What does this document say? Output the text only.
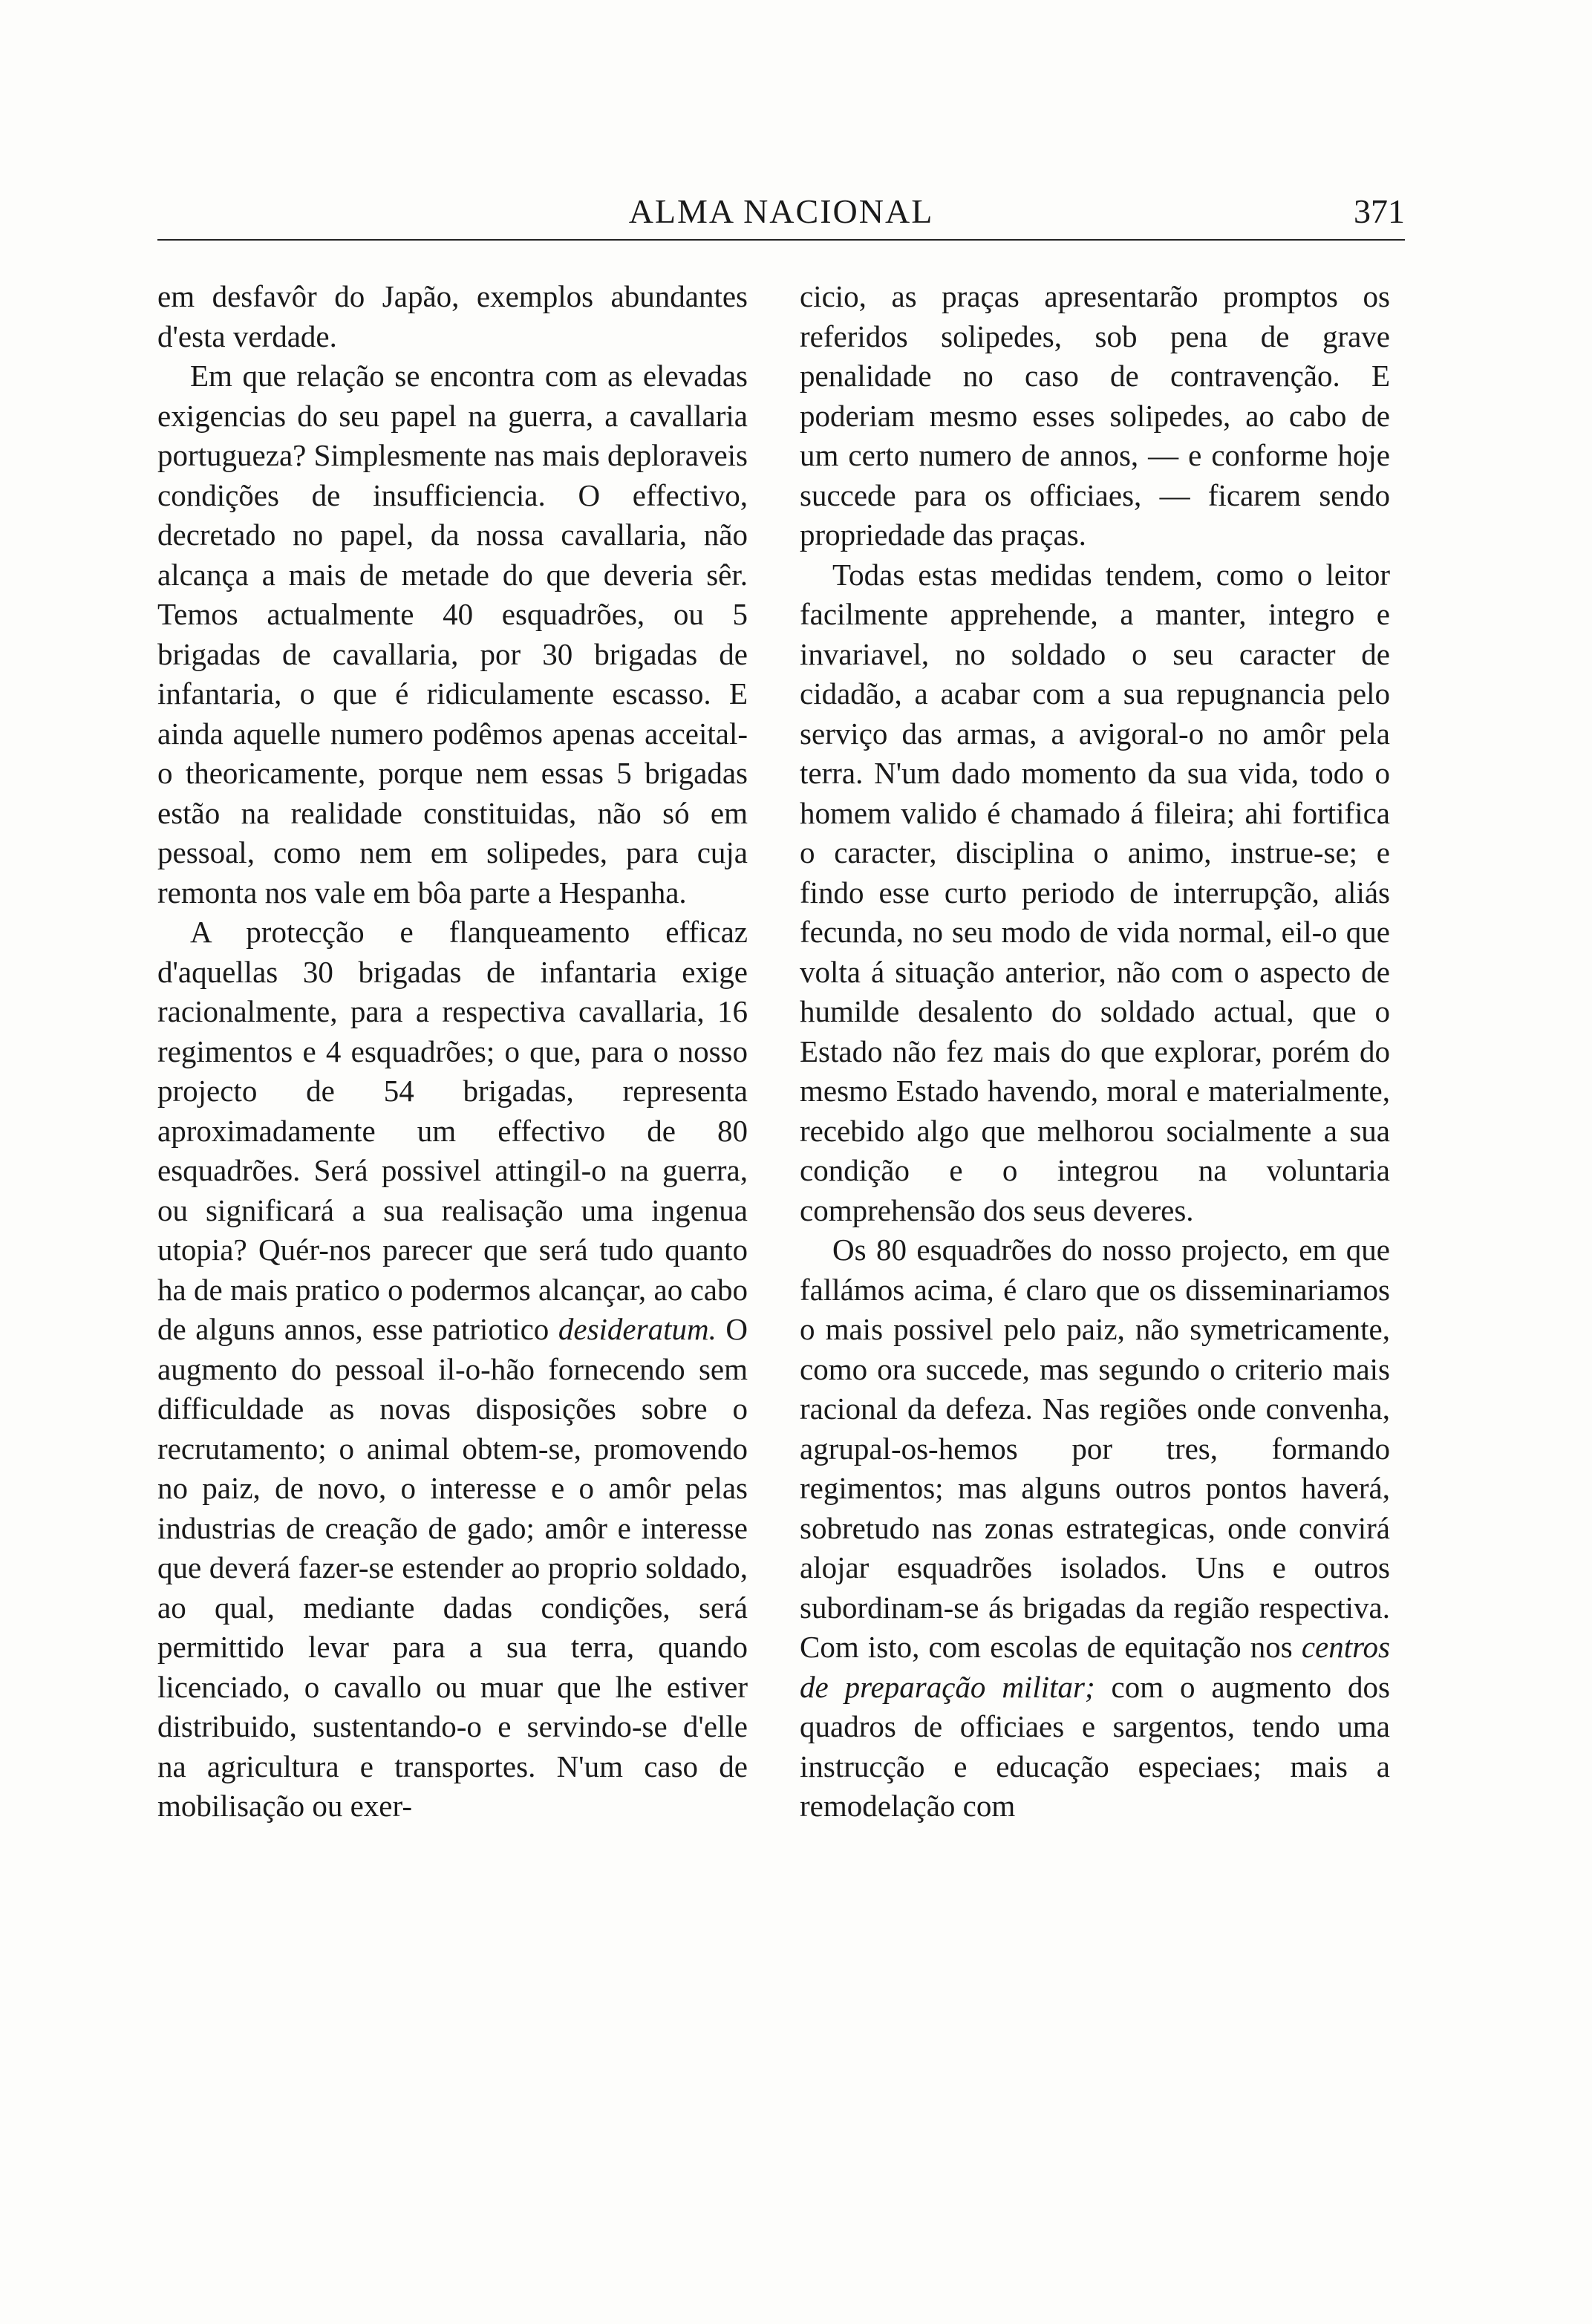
ALMA NACIONAL	371

em desfavôr do Japão, exemplos abundantes d'esta verdade.

Em que relação se encontra com as elevadas exigencias do seu papel na guerra, a cavallaria portugueza? Simplesmente nas mais deploraveis condições de insufficiencia. O effectivo, decretado no papel, da nossa cavallaria, não alcança a mais de metade do que deveria sêr. Temos actualmente 40 esquadrões, ou 5 brigadas de cavallaria, por 30 brigadas de infantaria, o que é ridiculamente escasso. E ainda aquelle numero podêmos apenas acceital-o theoricamente, porque nem essas 5 brigadas estão na realidade constituidas, não só em pessoal, como nem em solipedes, para cuja remonta nos vale em bôa parte a Hespanha.

A protecção e flanqueamento efficaz d'aquellas 30 brigadas de infantaria exige racionalmente, para a respectiva cavallaria, 16 regimentos e 4 esquadrões; o que, para o nosso projecto de 54 brigadas, representa aproximadamente um effectivo de 80 esquadrões. Será possivel attingil-o na guerra, ou significará a sua realisação uma ingenua utopia? Quér-nos parecer que será tudo quanto ha de mais pratico o podermos alcançar, ao cabo de alguns annos, esse patriotico desideratum. O augmento do pessoal il-o-hão fornecendo sem difficuldade as novas disposições sobre o recrutamento; o animal obtem-se, promovendo no paiz, de novo, o interesse e o amôr pelas industrias de creação de gado; amôr e interesse que deverá fazer-se estender ao proprio soldado, ao qual, mediante dadas condições, será permittido levar para a sua terra, quando licenciado, o cavallo ou muar que lhe estiver distribuido, sustentando-o e servindo-se d'elle na agricultura e transportes. N'um caso de mobilisação ou exer-

cicio, as praças apresentarão promptos os referidos solipedes, sob pena de grave penalidade no caso de contravenção. E poderiam mesmo esses solipedes, ao cabo de um certo numero de annos, — e conforme hoje succede para os officiaes, — ficarem sendo propriedade das praças.

Todas estas medidas tendem, como o leitor facilmente apprehende, a manter, integro e invariavel, no soldado o seu caracter de cidadão, a acabar com a sua repugnancia pelo serviço das armas, a avigoral-o no amôr pela terra. N'um dado momento da sua vida, todo o homem valido é chamado á fileira; ahi fortifica o caracter, disciplina o animo, instrue-se; e findo esse curto periodo de interrupção, aliás fecunda, no seu modo de vida normal, eil-o que volta á situação anterior, não com o aspecto de humilde desalento do soldado actual, que o Estado não fez mais do que explorar, porém do mesmo Estado havendo, moral e materialmente, recebido algo que melhorou socialmente a sua condição e o integrou na voluntaria comprehensão dos seus deveres.

Os 80 esquadrões do nosso projecto, em que fallámos acima, é claro que os disseminariamos o mais possivel pelo paiz, não symetricamente, como ora succede, mas segundo o criterio mais racional da defeza. Nas regiões onde convenha, agrupal-os-hemos por tres, formando regimentos; mas alguns outros pontos haverá, sobretudo nas zonas estrategicas, onde convirá alojar esquadrões isolados. Uns e outros subordinam-se ás brigadas da região respectiva. Com isto, com escolas de equitação nos centros de preparação militar; com o augmento dos quadros de officiaes e sargentos, tendo uma instrucção e educação especiaes; mais a remodelação com
